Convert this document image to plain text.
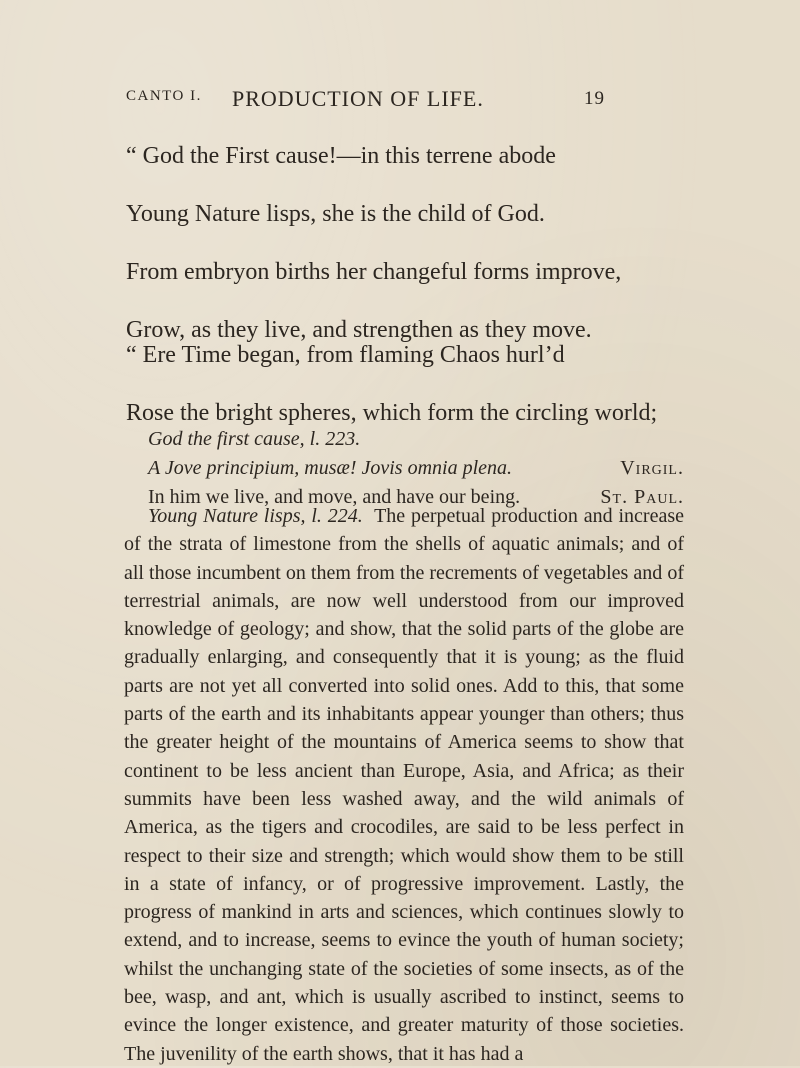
CANTO I. PRODUCTION OF LIFE.	19
“ God the First cause!—in this terrene abode
Young Nature lisps, she is the child of God.
From embryon births her changeful forms improve,
Grow, as they live, and strengthen as they move.
“ Ere Time began, from flaming Chaos hurl’d
Rose the bright spheres, which form the circling world;
God the first cause, l. 223.
A Jove principium, musæ! Jovis omnia plena.	Virgil.
In him we live, and move, and have our being.	St. Paul.

Young Nature lisps, l. 224. The perpetual production and increase of the strata of limestone from the shells of aquatic animals; and of all those incumbent on them from the recrements of vegetables and of terrestrial animals, are now well understood from our improved knowledge of geology; and show, that the solid parts of the globe are gradually enlarging, and consequently that it is young; as the fluid parts are not yet all converted into solid ones. Add to this, that some parts of the earth and its inhabitants appear younger than others; thus the greater height of the mountains of America seems to show that continent to be less ancient than Europe, Asia, and Africa; as their summits have been less washed away, and the wild animals of America, as the tigers and crocodiles, are said to be less perfect in respect to their size and strength; which would show them to be still in a state of infancy, or of progressive improvement. Lastly, the progress of mankind in arts and sciences, which continues slowly to extend, and to increase, seems to evince the youth of human society; whilst the unchanging state of the societies of some insects, as of the bee, wasp, and ant, which is usually ascribed to instinct, seems to evince the longer existence, and greater maturity of those societies. The juvenility of the earth shows, that it has had a
